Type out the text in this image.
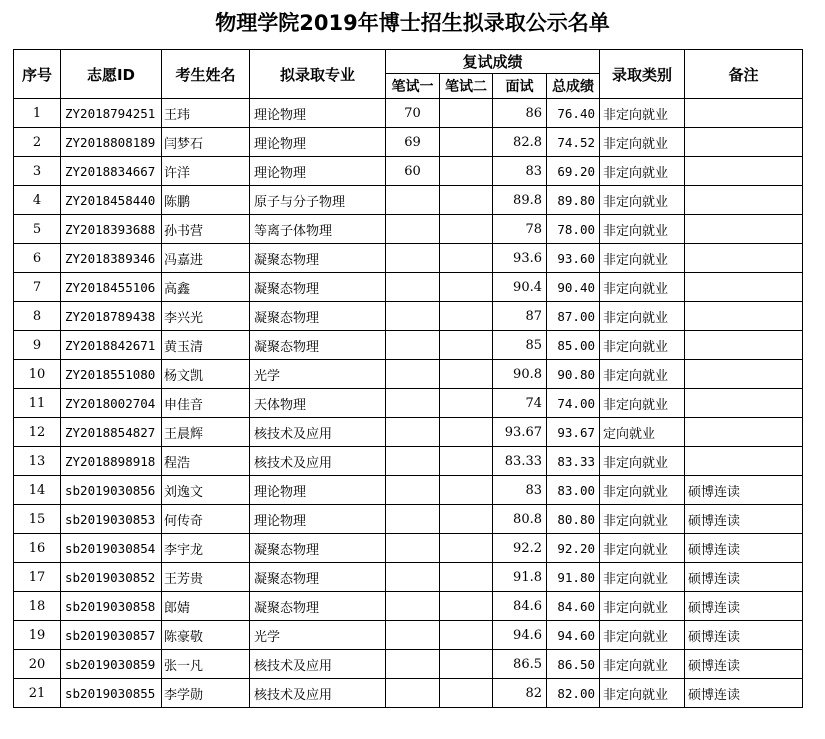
物理学院2019年博士招生拟录取公示名单
序号	志愿ID	考生姓名	拟录取专业	复试成绩				录取类别	备注
				笔试一	笔试二	面试	总成绩		
1	ZY2018794251	王玮	理论物理	70		86	76.40	非定向就业	
2	ZY2018808189	闫梦石	理论物理	69		82.8	74.52	非定向就业	
3	ZY2018834667	许洋	理论物理	60		83	69.20	非定向就业	
4	ZY2018458440	陈鹏	原子与分子物理			89.8	89.80	非定向就业	
5	ZY2018393688	孙书营	等离子体物理			78	78.00	非定向就业	
6	ZY2018389346	冯嘉进	凝聚态物理			93.6	93.60	非定向就业	
7	ZY2018455106	高鑫	凝聚态物理			90.4	90.40	非定向就业	
8	ZY2018789438	李兴光	凝聚态物理			87	87.00	非定向就业	
9	ZY2018842671	黄玉清	凝聚态物理			85	85.00	非定向就业	
10	ZY2018551080	杨文凯	光学			90.8	90.80	非定向就业	
11	ZY2018002704	申佳音	天体物理			74	74.00	非定向就业	
12	ZY2018854827	王晨辉	核技术及应用			93.67	93.67	定向就业	
13	ZY2018898918	程浩	核技术及应用			83.33	83.33	非定向就业	
14	sb2019030856	刘逸文	理论物理			83	83.00	非定向就业	硕博连读
15	sb2019030853	何传奇	理论物理			80.8	80.80	非定向就业	硕博连读
16	sb2019030854	李宇龙	凝聚态物理			92.2	92.20	非定向就业	硕博连读
17	sb2019030852	王芳贵	凝聚态物理			91.8	91.80	非定向就业	硕博连读
18	sb2019030858	郎婧	凝聚态物理			84.6	84.60	非定向就业	硕博连读
19	sb2019030857	陈豪敬	光学			94.6	94.60	非定向就业	硕博连读
20	sb2019030859	张一凡	核技术及应用			86.5	86.50	非定向就业	硕博连读
21	sb2019030855	李学勋	核技术及应用			82	82.00	非定向就业	硕博连读
